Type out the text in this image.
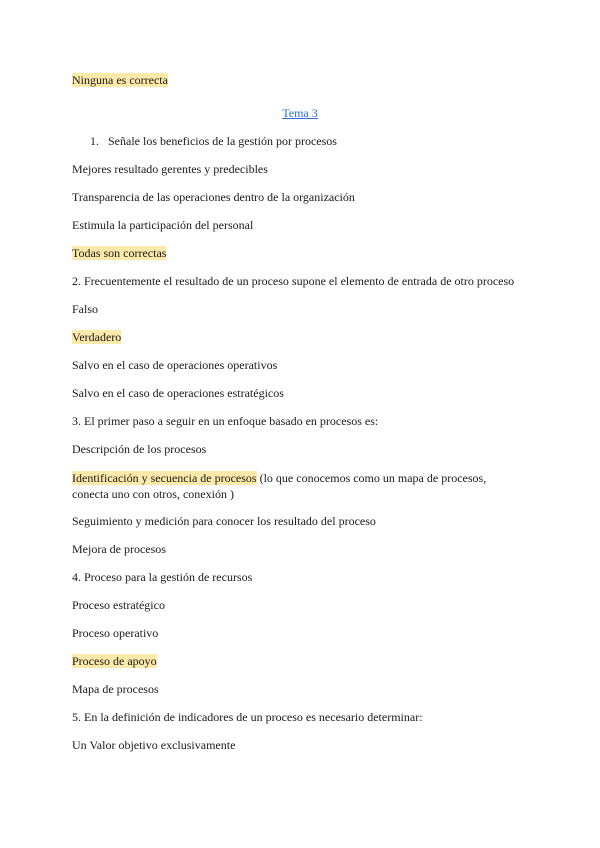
Ninguna es correcta

Tema 3

1. Señale los beneficios de la gestión por procesos

Mejores resultado gerentes y predecibles

Transparencia de las operaciones dentro de la organización

Estimula la participación del personal

Todas son correctas

2. Frecuentemente el resultado de un proceso supone el elemento de entrada de otro proceso

Falso

Verdadero

Salvo en el caso de operaciones operativos

Salvo en el caso de operaciones estratégicos

3. El primer paso a seguir en un enfoque basado en procesos es:

Descripción de los procesos

Identificación y secuencia de procesos (lo que conocemos como un mapa de procesos, conecta uno con otros, conexión )

Seguimiento y medición para conocer los resultado del proceso

Mejora de procesos

4. Proceso para la gestión de recursos

Proceso estratégico

Proceso operativo

Proceso de apoyo

Mapa de procesos

5. En la definición de indicadores de un proceso es necesario determinar:

Un Valor objetivo exclusivamente
